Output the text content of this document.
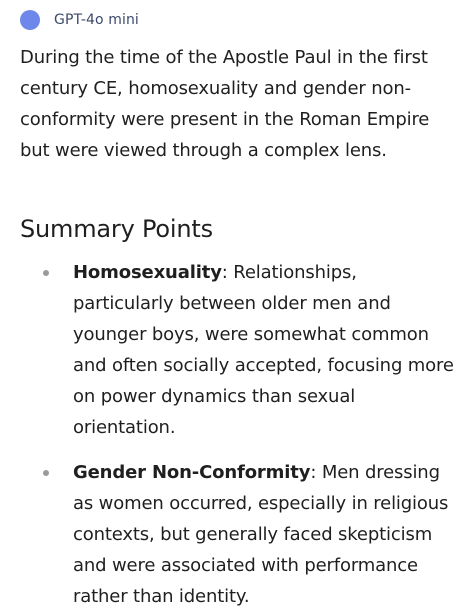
GPT-4o mini

During the time of the Apostle Paul in the first century CE, homosexuality and gender non-conformity were present in the Roman Empire but were viewed through a complex lens.

Summary Points
Homosexuality: Relationships, particularly between older men and younger boys, were somewhat common and often socially accepted, focusing more on power dynamics than sexual orientation.
Gender Non-Conformity: Men dressing as women occurred, especially in religious contexts, but generally faced skepticism and were associated with performance rather than identity.
